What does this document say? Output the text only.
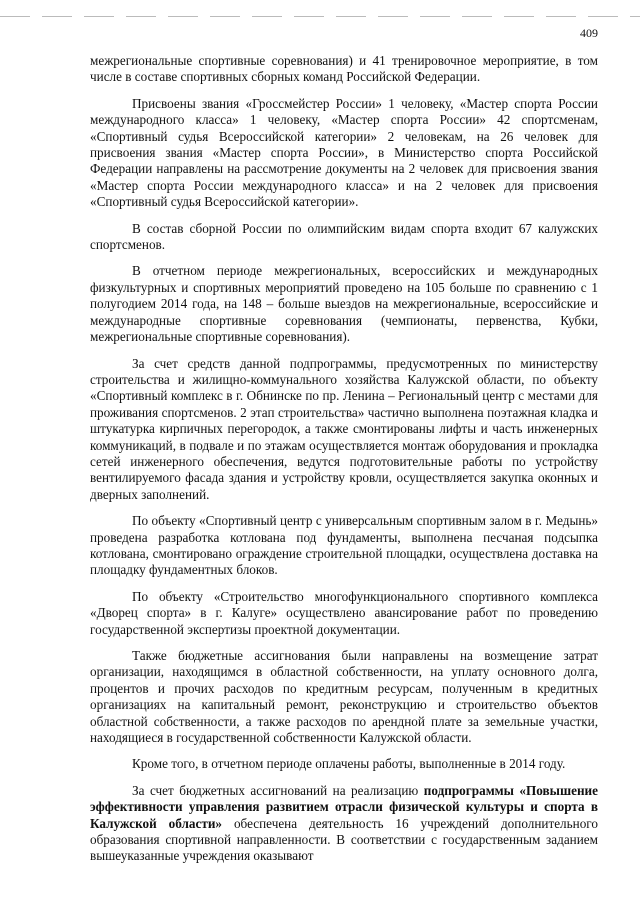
409

межрегиональные спортивные соревнования) и 41 тренировочное мероприятие, в том числе в составе спортивных сборных команд Российской Федерации.

Присвоены звания «Гроссмейстер России» 1 человеку, «Мастер спорта России международного класса» 1 человеку, «Мастер спорта России» 42 спортсменам, «Спортивный судья Всероссийской категории» 2 человекам, на 26 человек для присвоения звания «Мастер спорта России», в Министерство спорта Российской Федерации направлены на рассмотрение документы на 2 человек для присвоения звания «Мастер спорта России международного класса» и на 2 человек для присвоения «Спортивный судья Всероссийской категории».

В состав сборной России по олимпийским видам спорта входит 67 калужских спортсменов.

В отчетном периоде межрегиональных, всероссийских и международных физкультурных и спортивных мероприятий проведено на 105 больше по сравнению с 1 полугодием 2014 года, на 148 – больше выездов на межрегиональные, всероссийские и международные спортивные соревнования (чемпионаты, первенства, Кубки, межрегиональные спортивные соревнования).

За счет средств данной подпрограммы, предусмотренных по министерству строительства и жилищно-коммунального хозяйства Калужской области, по объекту «Спортивный комплекс в г. Обнинске по пр. Ленина – Региональный центр с местами для проживания спортсменов. 2 этап строительства» частично выполнена поэтажная кладка и штукатурка кирпичных перегородок, а также смонтированы лифты и часть инженерных коммуникаций, в подвале и по этажам осуществляется монтаж оборудования и прокладка сетей инженерного обеспечения, ведутся подготовительные работы по устройству вентилируемого фасада здания и устройству кровли, осуществляется закупка оконных и дверных заполнений.

По объекту «Спортивный центр с универсальным спортивным залом в г. Медынь» проведена разработка котлована под фундаменты, выполнена песчаная подсыпка котлована, смонтировано ограждение строительной площадки, осуществлена доставка на площадку фундаментных блоков.

По объекту «Строительство многофункционального спортивного комплекса «Дворец спорта» в г. Калуге» осуществлено авансирование работ по проведению государственной экспертизы проектной документации.

Также бюджетные ассигнования были направлены на возмещение затрат организации, находящимся в областной собственности, на уплату основного долга, процентов и прочих расходов по кредитным ресурсам, полученным в кредитных организациях на капитальный ремонт, реконструкцию и строительство объектов областной собственности, а также расходов по арендной плате за земельные участки, находящиеся в государственной собственности Калужской области.

Кроме того, в отчетном периоде оплачены работы, выполненные в 2014 году.

За счет бюджетных ассигнований на реализацию подпрограммы «Повышение эффективности управления развитием отрасли физической культуры и спорта в Калужской области» обеспечена деятельность 16 учреждений дополнительного образования спортивной направленности. В соответствии с государственным заданием вышеуказанные учреждения оказывают
